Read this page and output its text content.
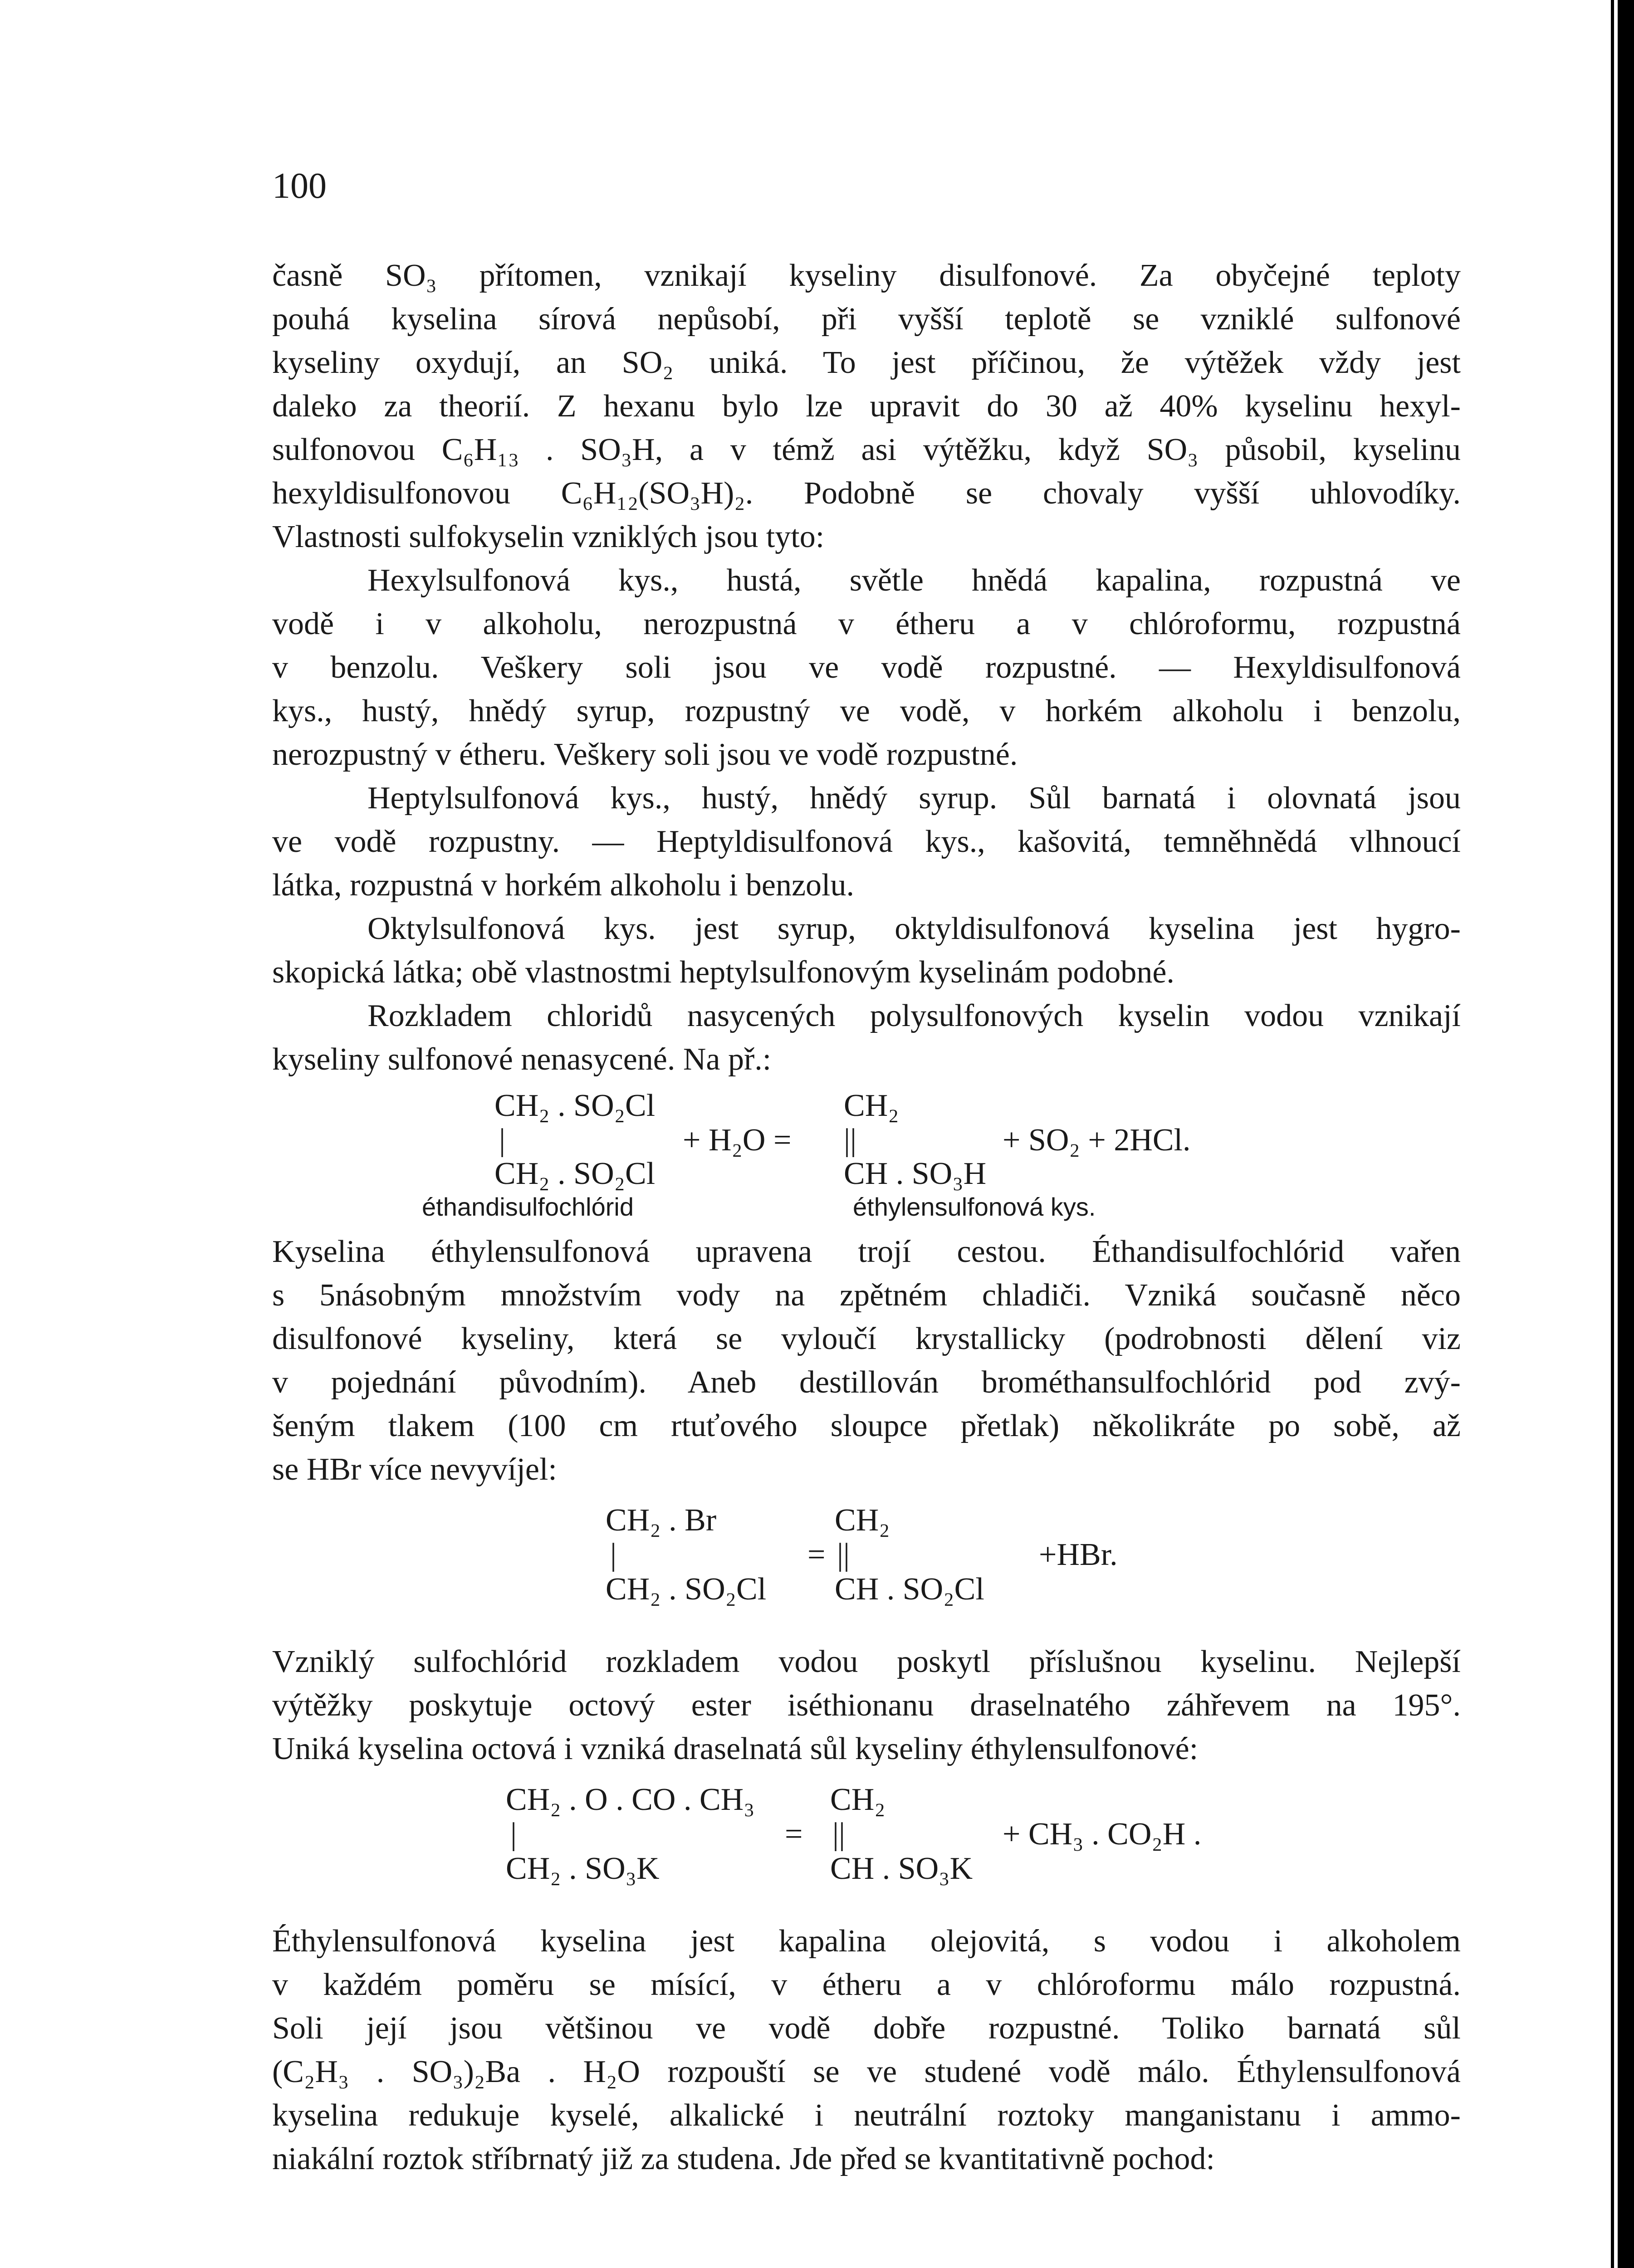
100
časně SO₃ přítomen, vznikají kyseliny disulfonové. Za obyčejné teploty
pouhá kyselina sírová nepůsobí, při vyšší teplotě se vzniklé sulfonové
kyseliny oxydují, an SO₂ uniká. To jest příčinou, že výtěžek vždy jest
daleko za theorií. Z hexanu bylo lze upravit do 30 až 40% kyselinu hexyl-
sulfonovou C₆H₁₃ . SO₃H, a v témž asi výtěžku, když SO₃ působil, kyselinu
hexyldisulfonovou C₆H₁₂(SO₃H)₂. Podobně se chovaly vyšší uhlovodíky.
Vlastnosti sulfokyselin vzniklých jsou tyto:
Hexylsulfonová kys., hustá, světle hnědá kapalina, rozpustná ve
vodě i v alkoholu, nerozpustná v étheru a v chlóroformu, rozpustná
v benzolu. Veškery soli jsou ve vodě rozpustné. — Hexyldisulfonová
kys., hustý, hnědý syrup, rozpustný ve vodě, v horkém alkoholu i benzolu,
nerozpustný v étheru. Veškery soli jsou ve vodě rozpustné.
Heptylsulfonová kys., hustý, hnědý syrup. Sůl barnatá i olovnatá jsou
ve vodě rozpustny. — Heptyldisulfonová kys., kašovitá, temněhnědá vlhnoucí
látka, rozpustná v horkém alkoholu i benzolu.
Oktylsulfonová kys. jest syrup, oktyldisulfonová kyselina jest hygro-
skopická látka; obě vlastnostmi heptylsulfonovým kyselinám podobné.
Rozkladem chloridů nasycených polysulfonových kyselin vodou vznikají
kyseliny sulfonové nenasycené. Na př.:
CH₂ . SO₂Cl	CH₂
|	+ H₂O = ||	+ SO₂ + 2HCl.
CH₂ . SO₂Cl	CH . SO₃H
éthandisulfochlórid	éthylensulfonová kys.
Kyselina éthylensulfonová upravena trojí cestou. Éthandisulfochlórid vařen
s 5násobným množstvím vody na zpětném chladiči. Vzniká současně něco
disulfonové kyseliny, která se vyloučí krystallicky (podrobnosti dělení viz
v pojednání původním). Aneb destillován brométhansulfochlórid pod zvý-
šeným tlakem (100 cm rtuťového sloupce přetlak) několikráte po sobě, až
se HBr více nevyvíjel:
CH₂ . Br	CH₂
|	= ||	+HBr.
CH₂ . SO₂Cl CH . SO₂Cl
Vzniklý sulfochlórid rozkladem vodou poskytl příslušnou kyselinu. Nejlepší
výtěžky poskytuje octový ester iséthionanu draselnatého záhřevem na 195°.
Uniká kyselina octová i vzniká draselnatá sůl kyseliny éthylensulfonové:
CH₂ . O . CO . CH₃ CH₂
|	= ||	+ CH₃ . CO₂H .
CH₂ . SO₃K	CH . SO₃K
Éthylensulfonová kyselina jest kapalina olejovitá, s vodou i alkoholem
v každém poměru se mísící, v étheru a v chlóroformu málo rozpustná.
Soli její jsou většinou ve vodě dobře rozpustné. Toliko barnatá sůl
(C₂H₃ . SO₃)₂Ba . H₂O rozpouští se ve studené vodě málo. Éthylensulfonová
kyselina redukuje kyselé, alkalické i neutrální roztoky manganistanu i ammo-
niakální roztok stříbrnatý již za studena. Jde před se kvantitativně pochod:
